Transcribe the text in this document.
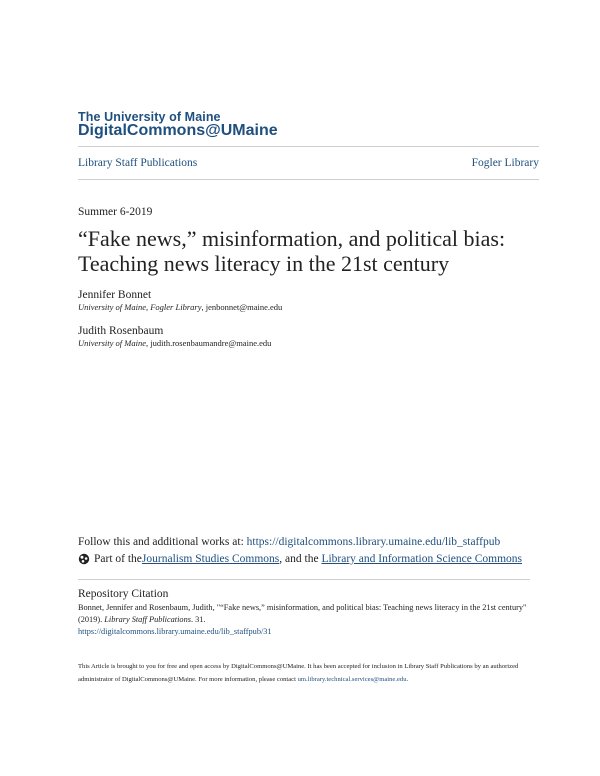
The University of Maine
DigitalCommons@UMaine
Library Staff Publications	Fogler Library
Summer 6-2019
“Fake news,” misinformation, and political bias:
Teaching news literacy in the 21st century
Jennifer Bonnet
University of Maine, Fogler Library, jenbonnet@maine.edu
Judith Rosenbaum
University of Maine, judith.rosenbaumandre@maine.edu
Follow this and additional works at: https://digitalcommons.library.umaine.edu/lib_staffpub
Part of the Journalism Studies Commons , and the Library and Information Science Commons
Repository Citation
Bonnet, Jennifer and Rosenbaum, Judith, "“Fake news,” misinformation, and political bias: Teaching news literacy in the 21st century" (2019). Library Staff Publications. 31.
https://digitalcommons.library.umaine.edu/lib_staffpub/31
This Article is brought to you for free and open access by DigitalCommons@UMaine. It has been accepted for inclusion in Library Staff Publications by an authorized administrator of DigitalCommons@UMaine. For more information, please contact um.library.technical.services@maine.edu.
